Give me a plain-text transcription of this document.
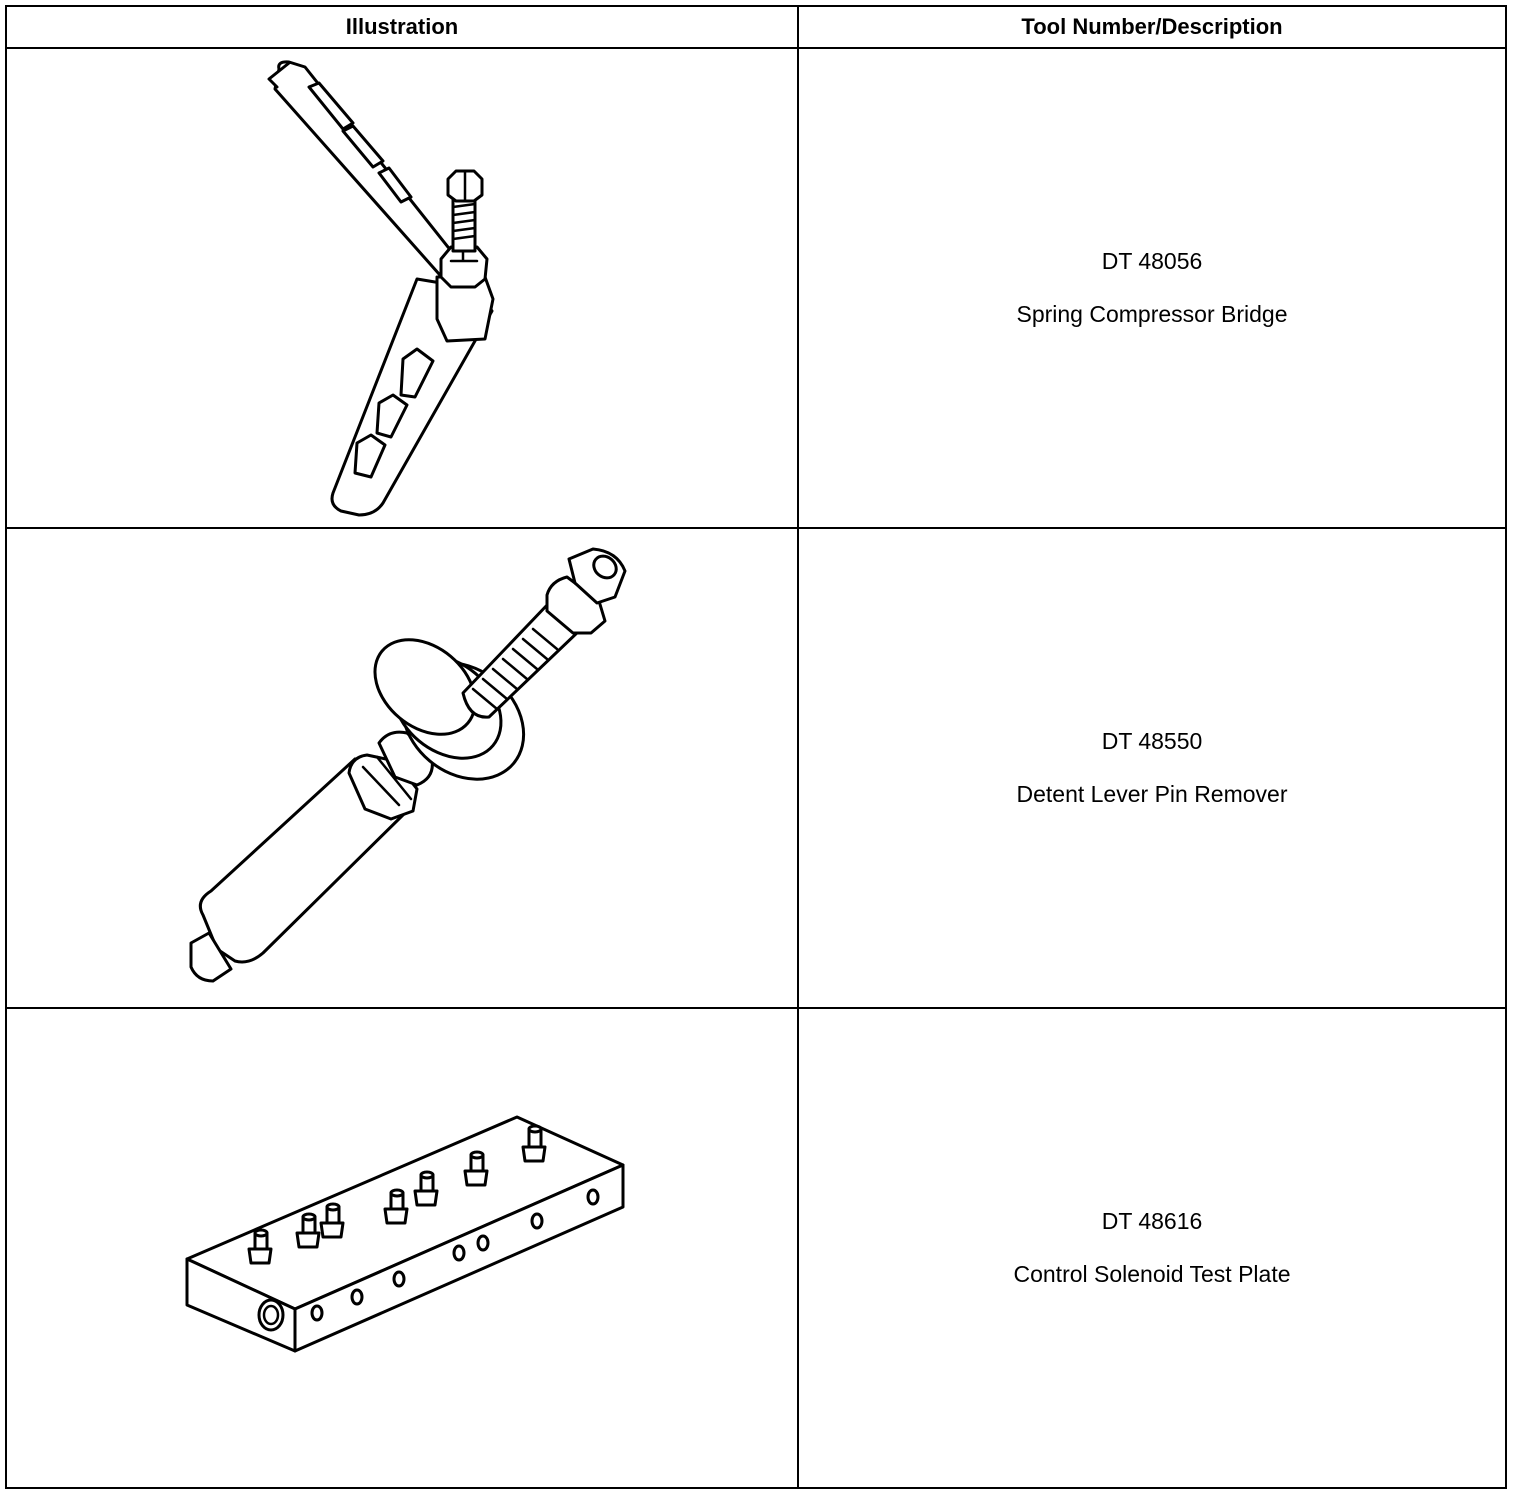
Illustration	Tool Number/Description

DT 48056
Spring Compressor Bridge

DT 48550
Detent Lever Pin Remover

DT 48616
Control Solenoid Test Plate
